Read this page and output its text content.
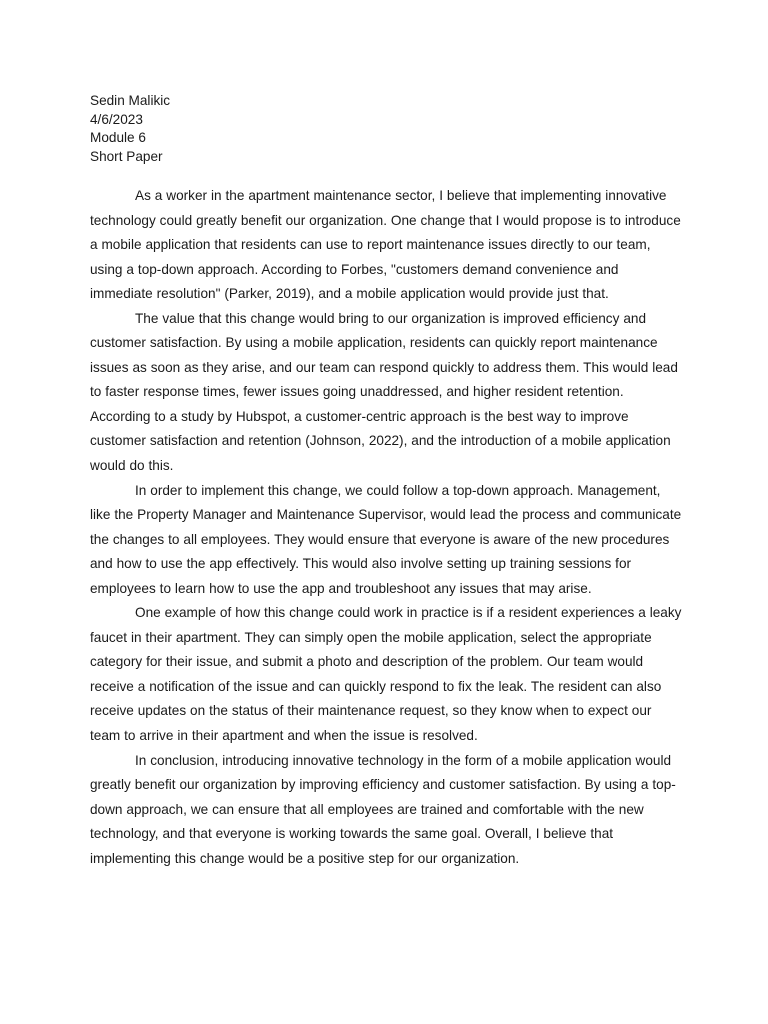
Sedin Malikic
4/6/2023
Module 6
Short Paper

As a worker in the apartment maintenance sector, I believe that implementing innovative technology could greatly benefit our organization. One change that I would propose is to introduce a mobile application that residents can use to report maintenance issues directly to our team, using a top-down approach. According to Forbes, "customers demand convenience and immediate resolution" (Parker, 2019), and a mobile application would provide just that.

The value that this change would bring to our organization is improved efficiency and customer satisfaction. By using a mobile application, residents can quickly report maintenance issues as soon as they arise, and our team can respond quickly to address them. This would lead to faster response times, fewer issues going unaddressed, and higher resident retention. According to a study by Hubspot, a customer-centric approach is the best way to improve customer satisfaction and retention (Johnson, 2022), and the introduction of a mobile application would do this.

In order to implement this change, we could follow a top-down approach. Management, like the Property Manager and Maintenance Supervisor, would lead the process and communicate the changes to all employees. They would ensure that everyone is aware of the new procedures and how to use the app effectively. This would also involve setting up training sessions for employees to learn how to use the app and troubleshoot any issues that may arise.

One example of how this change could work in practice is if a resident experiences a leaky faucet in their apartment. They can simply open the mobile application, select the appropriate category for their issue, and submit a photo and description of the problem. Our team would receive a notification of the issue and can quickly respond to fix the leak. The resident can also receive updates on the status of their maintenance request, so they know when to expect our team to arrive in their apartment and when the issue is resolved.

In conclusion, introducing innovative technology in the form of a mobile application would greatly benefit our organization by improving efficiency and customer satisfaction. By using a top-down approach, we can ensure that all employees are trained and comfortable with the new technology, and that everyone is working towards the same goal. Overall, I believe that implementing this change would be a positive step for our organization.
